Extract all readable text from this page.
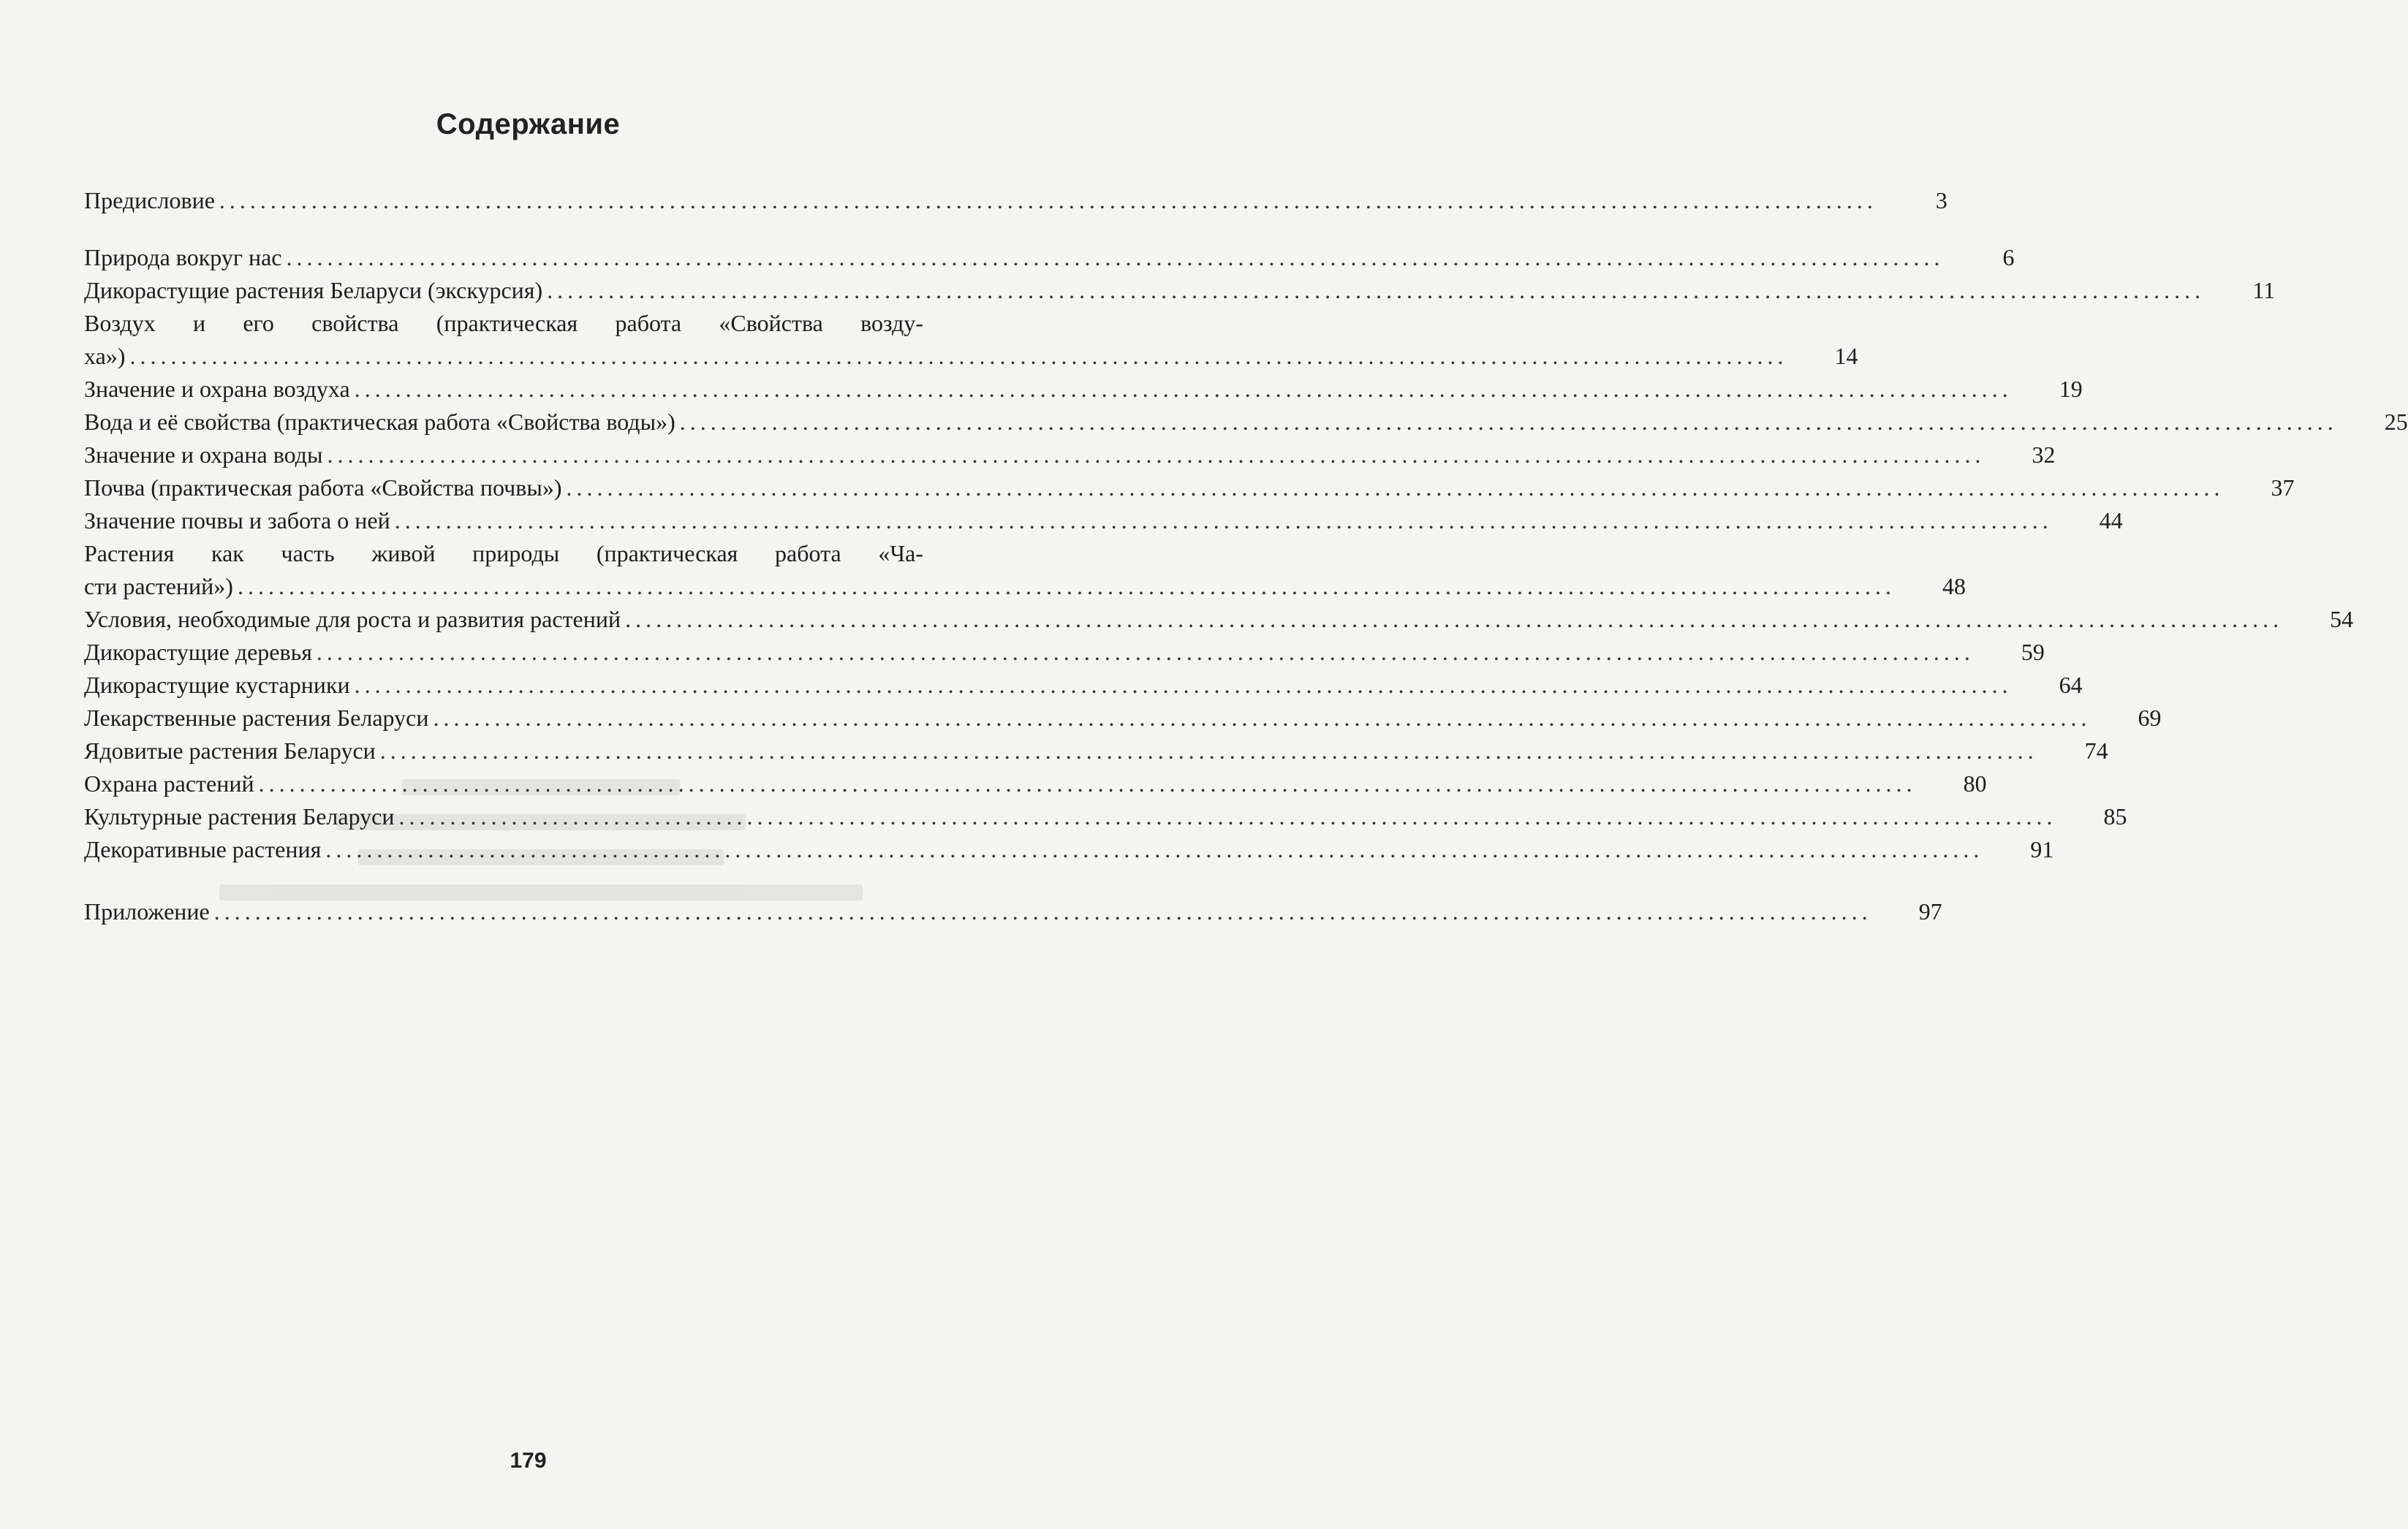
Содержание
Предисловие ..................................................................................................................................................................	3
Природа вокруг нас ..................................................................................................................................................................	6
Дикорастущие растения Беларуси (экскурсия) ..................................................................................................................................................................	11
Воздух и его свойства (практическая работа «Свойства возду-
ха») ..................................................................................................................................................................	14
Значение и охрана воздуха ..................................................................................................................................................................	19
Вода и её свойства (практическая работа «Свойства воды») ..................................................................................................................................................................	25
Значение и охрана воды ..................................................................................................................................................................	32
Почва (практическая работа «Свойства почвы») ..................................................................................................................................................................	37
Значение почвы и забота о ней ..................................................................................................................................................................	44
Растения как часть живой природы (практическая работа «Ча-
сти растений») ..................................................................................................................................................................	48
Условия, необходимые для роста и развития растений ..................................................................................................................................................................	54
Дикорастущие деревья ..................................................................................................................................................................	59
Дикорастущие кустарники ..................................................................................................................................................................	64
Лекарственные растения Беларуси ..................................................................................................................................................................	69
Ядовитые растения Беларуси ..................................................................................................................................................................	74
Охрана растений ..................................................................................................................................................................	80
Культурные растения Беларуси ..................................................................................................................................................................	85
Декоративные растения ..................................................................................................................................................................	91
Приложение ..................................................................................................................................................................	97
179
